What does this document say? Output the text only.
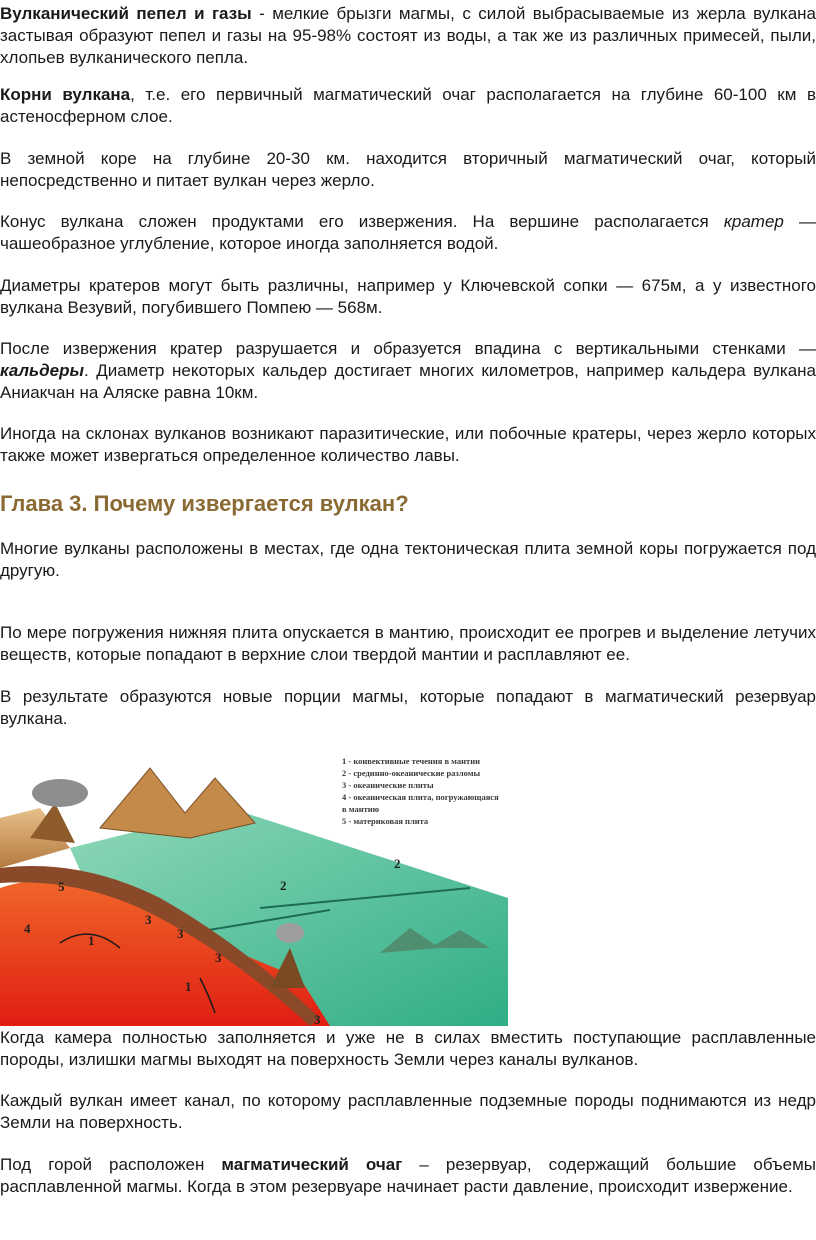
Вулканический пепел и газы - мелкие брызги магмы, с силой выбрасываемые из жерла вулкана застывая образуют пепел и газы на 95-98% состоят из воды, а так же из различных примесей, пыли, хлопьев вулканического пепла.

Корни вулкана, т.е. его первичный магматический очаг располагается на глубине 60-100 км в астеносферном слое.

В земной коре на глубине 20-30 км. находится вторичный магматический очаг, который непосредственно и питает вулкан через жерло.

Конус вулкана сложен продуктами его извержения. На вершине располагается кратер — чашеобразное углубление, которое иногда заполняется водой.

Диаметры кратеров могут быть различны, например у Ключевской сопки — 675м, а у известного вулкана Везувий, погубившего Помпею — 568м.

После извержения кратер разрушается и образуется впадина с вертикальными стенками — кальдеры. Диаметр некоторых кальдер достигает многих километров, например кальдера вулкана Аниакчан на Аляске равна 10км.

Иногда на склонах вулканов возникают паразитические, или побочные кратеры, через жерло которых также может извергаться определенное количество лавы.

Глава 3. Почему извергается вулкан?

Многие вулканы расположены в местах, где одна тектоническая плита земной коры погружается под другую.

По мере погружения нижняя плита опускается в мантию, происходит ее прогрев и выделение летучих веществ, которые попадают в верхние слои твердой мантии и расплавляют ее.

В результате образуются новые порции магмы, которые попадают в магматический резервуар вулкана.

1 - конвективные течения в мантии
2 - срединно-океанические разломы
3 - океанические плиты
4 - океаническая плита, погружающаяся
в мантию
5 - материковая плита
1
1
2
2
3
3
3
3
4
5

Когда камера полностью заполняется и уже не в силах вместить поступающие расплавленные породы, излишки магмы выходят на поверхность Земли через каналы вулканов.

Каждый вулкан имеет канал, по которому расплавленные подземные породы поднимаются из недр Земли на поверхность.

Под горой расположен магматический очаг – резервуар, содержащий большие объемы расплавленной магмы. Когда в этом резервуаре начинает расти давление, происходит извержение.
